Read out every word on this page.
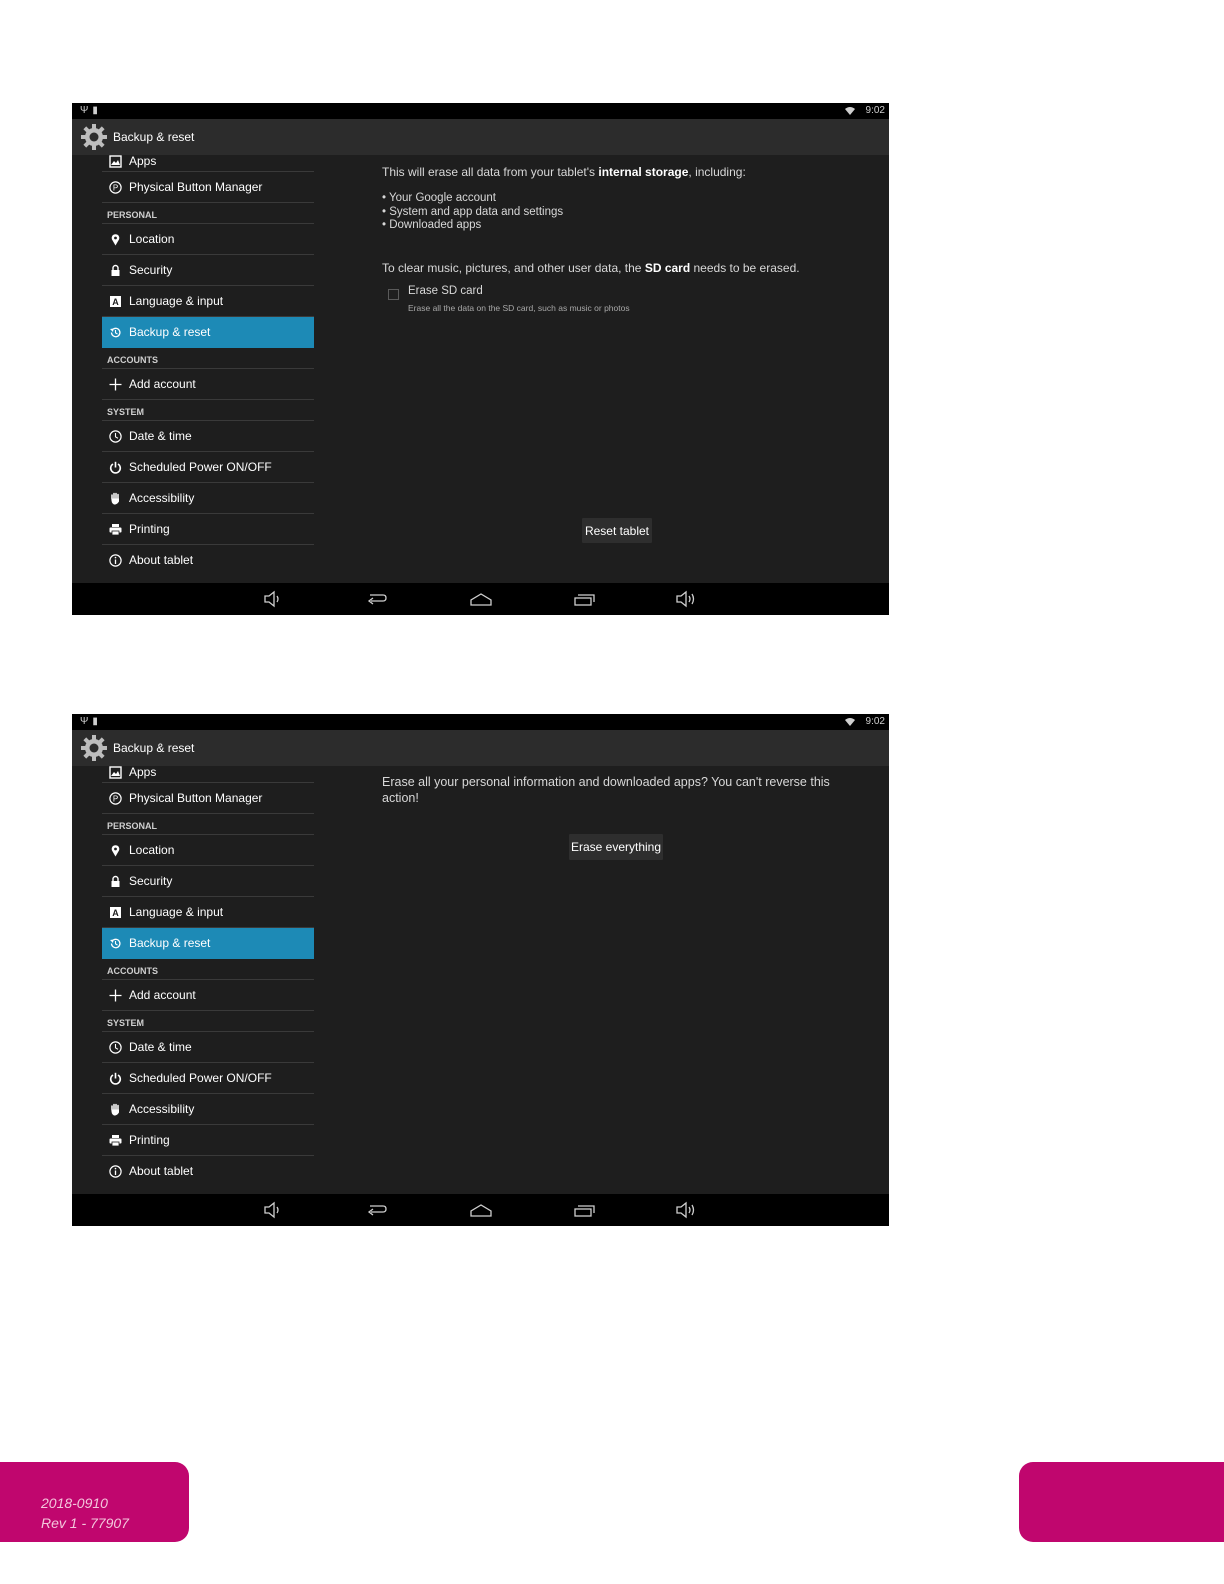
Ψ▮	9:02
Backup & reset
Apps
P Physical Button Manager
PERSONAL
Location
Security
A Language & input
Backup & reset
ACCOUNTS
Add account
SYSTEM
Date & time
Scheduled Power ON/OFF
Accessibility
Printing
About tablet
This will erase all data from your tablet's internal storage, including:
• Your Google account
• System and app data and settings
• Downloaded apps
To clear music, pictures, and other user data, the SD card needs to be erased.
Erase SD card
Erase all the data on the SD card, such as music or photos
Reset tablet
Ψ▮	9:02
Backup & reset
Apps
P Physical Button Manager
PERSONAL
Location
Security
A Language & input
Backup & reset
ACCOUNTS
Add account
SYSTEM
Date & time
Scheduled Power ON/OFF
Accessibility
Printing
About tablet
Erase all your personal information and downloaded apps? You can't reverse this action!
Erase everything
2018-0910
Rev 1 - 77907
